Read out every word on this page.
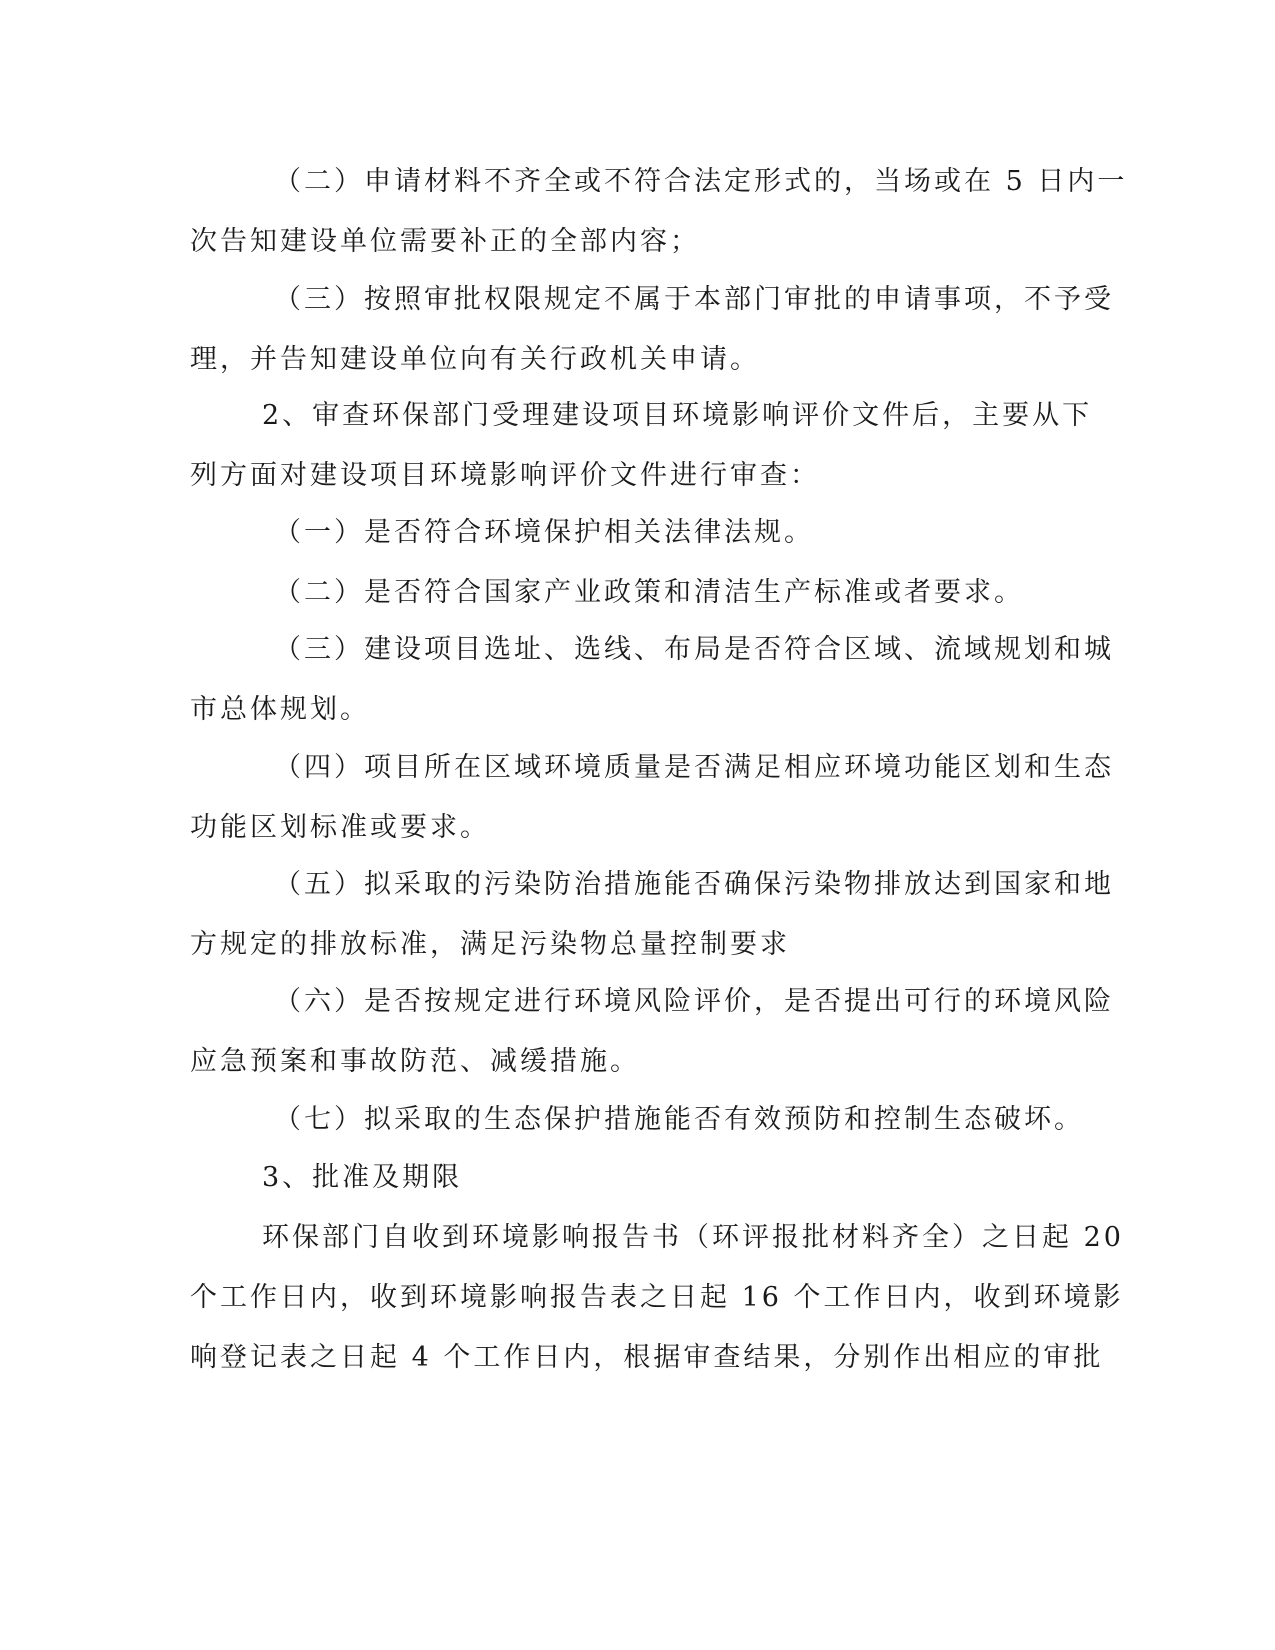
（二）申请材料不齐全或不符合法定形式的，当场或在 5 日内一
次告知建设单位需要补正的全部内容；
（三）按照审批权限规定不属于本部门审批的申请事项，不予受
理，并告知建设单位向有关行政机关申请。
2、审查环保部门受理建设项目环境影响评价文件后，主要从下
列方面对建设项目环境影响评价文件进行审查：
（一）是否符合环境保护相关法律法规。
（二）是否符合国家产业政策和清洁生产标准或者要求。
（三）建设项目选址、选线、布局是否符合区域、流域规划和城
市总体规划。
（四）项目所在区域环境质量是否满足相应环境功能区划和生态
功能区划标准或要求。
（五）拟采取的污染防治措施能否确保污染物排放达到国家和地
方规定的排放标准，满足污染物总量控制要求
（六）是否按规定进行环境风险评价，是否提出可行的环境风险
应急预案和事故防范、减缓措施。
（七）拟采取的生态保护措施能否有效预防和控制生态破坏。
3、批准及期限
环保部门自收到环境影响报告书（环评报批材料齐全）之日起 20
个工作日内，收到环境影响报告表之日起 16 个工作日内，收到环境影
响登记表之日起 4 个工作日内，根据审查结果，分别作出相应的审批
